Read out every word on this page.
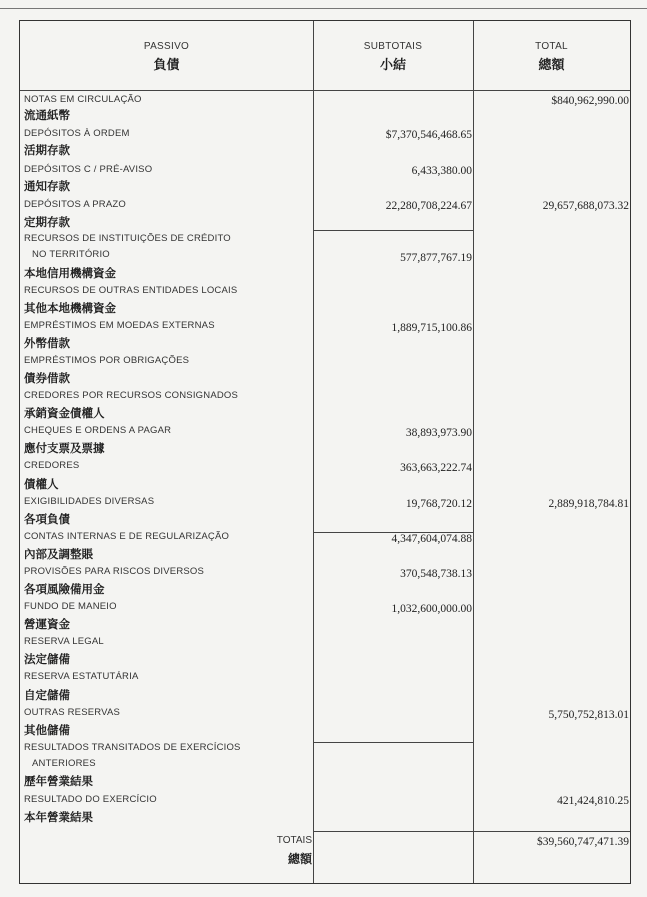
PASSIVO
負債
SUBTOTAIS
小結
TOTAL
總額
NOTAS EM CIRCULAÇÃO
流通紙幣
$840,962,990.00
DEPÓSITOS À ORDEM
活期存款
$7,370,546,468.65
DEPÓSITOS C / PRÉ-AVISO
通知存款
6,433,380.00
DEPÓSITOS A PRAZO
定期存款
22,280,708,224.67	29,657,688,073.32
RECURSOS DE INSTITUIÇÕES DE CRÉDITO
NO TERRITÓRIO
本地信用機構資金
577,877,767.19
RECURSOS DE OUTRAS ENTIDADES LOCAIS
其他本地機構資金
EMPRÉSTIMOS EM MOEDAS EXTERNAS
外幣借款
1,889,715,100.86
EMPRÉSTIMOS POR OBRIGAÇÕES
債券借款
CREDORES POR RECURSOS CONSIGNADOS
承銷資金債權人
CHEQUES E ORDENS A PAGAR
應付支票及票據
38,893,973.90
CREDORES
債權人
363,663,222.74
EXIGIBILIDADES DIVERSAS
各項負債
19,768,720.12	2,889,918,784.81
CONTAS INTERNAS E DE REGULARIZAÇÃO
內部及調整賬
4,347,604,074.88
PROVISÕES PARA RISCOS DIVERSOS
各項風險備用金
370,548,738.13
FUNDO DE MANEIO
營運資金
1,032,600,000.00
RESERVA LEGAL
法定儲備
RESERVA ESTATUTÁRIA
自定儲備
OUTRAS RESERVAS
其他儲備
5,750,752,813.01
RESULTADOS TRANSITADOS DE EXERCÍCIOS
ANTERIORES
歷年營業結果
RESULTADO DO EXERCÍCIO
本年營業結果
421,424,810.25
TOTAIS
總額
$39,560,747,471.39
